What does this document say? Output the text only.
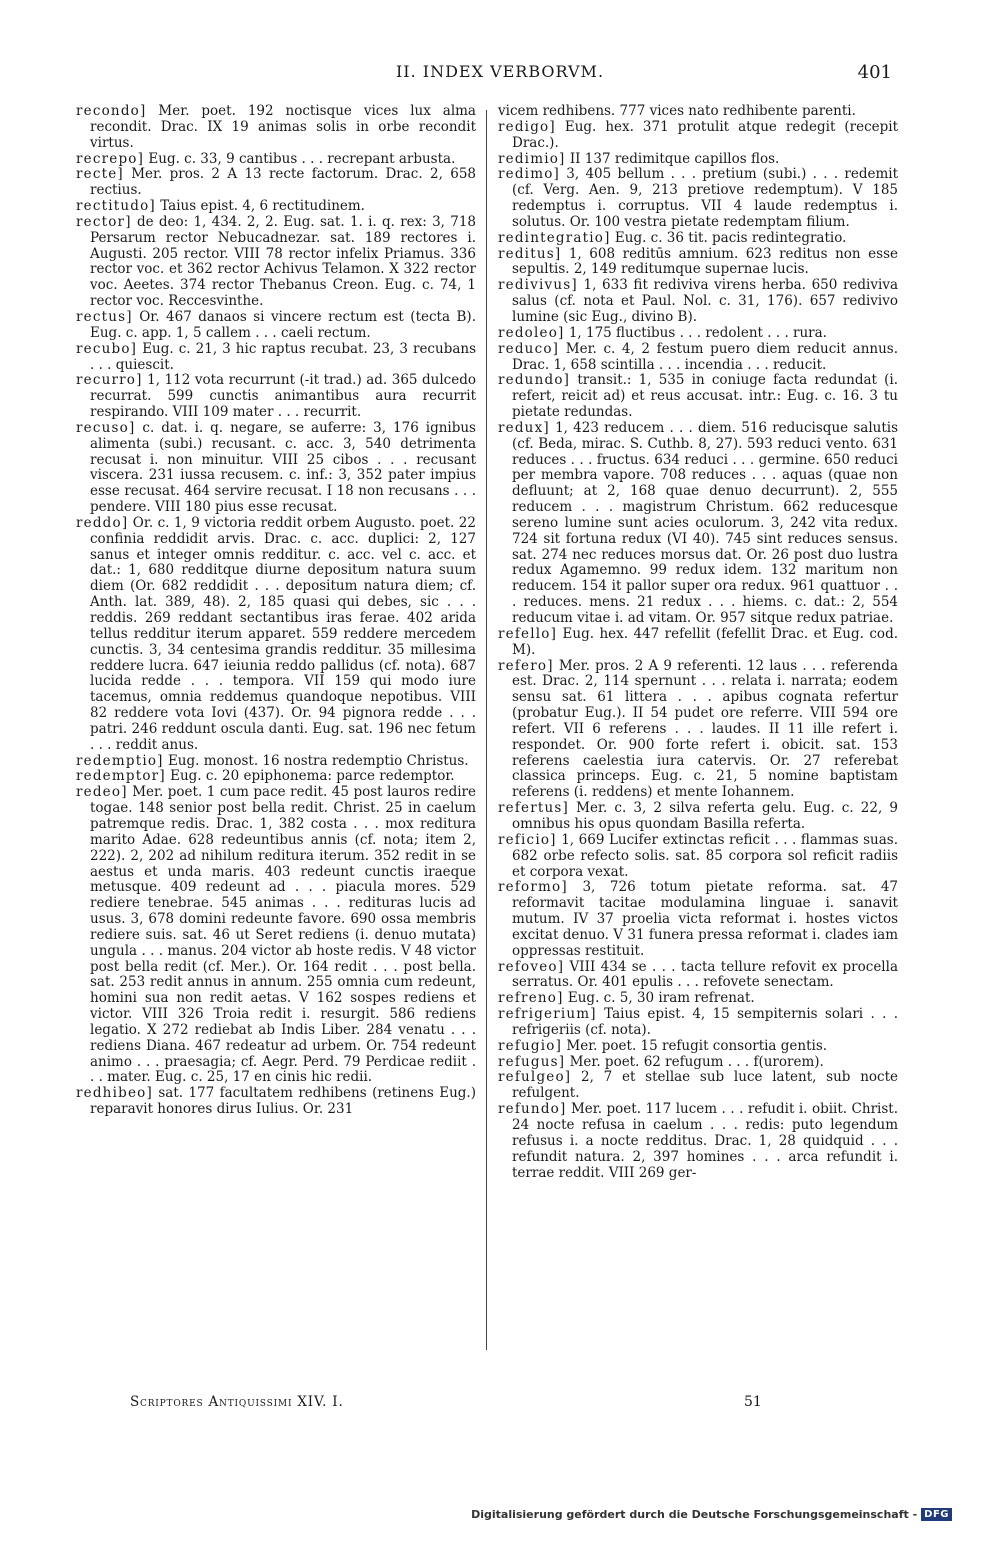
II. INDEX VERBORVM.	401

recondo] Mer. poet. 192 noctisque vices lux alma recondit. Drac. IX 19 animas solis in orbe recondit virtus.

recrepo] Eug. c. 33, 9 cantibus . . . recrepant arbusta.

recte] Mer. pros. 2 A 13 recte factorum. Drac. 2, 658 rectius.

rectitudo] Taius epist. 4, 6 rectitudinem.

rector] de deo: 1, 434. 2, 2. Eug. sat. 1. i. q. rex: 3, 718 Persarum rector Nebucadnezar. sat. 189 rectores i. Augusti. 205 rector. VIII 78 rector infelix Priamus. 336 rector voc. et 362 rector Achivus Telamon. X 322 rector voc. Aeetes. 374 rector Thebanus Creon. Eug. c. 74, 1 rector voc. Reccesvinthe.

rectus] Or. 467 danaos si vincere rectum est (tecta B). Eug. c. app. 1, 5 callem . . . caeli rectum.

recubo] Eug. c. 21, 3 hic raptus recubat. 23, 3 recubans . . . quiescit.

recurro] 1, 112 vota recurrunt (-it trad.) ad. 365 dulcedo recurrat. 599 cunctis animantibus aura recurrit respirando. VIII 109 mater . . . recurrit.

recuso] c. dat. i. q. negare, se auferre: 3, 176 ignibus alimenta (subi.) recusant. c. acc. 3, 540 detrimenta recusat i. non minuitur. VIII 25 cibos . . . recusant viscera. 231 iussa recusem. c. inf.: 3, 352 pater impius esse recusat. 464 servire recusat. I 18 non recusans . . . pendere. VIII 180 pius esse recusat.

reddo] Or. c. 1, 9 victoria reddit orbem Augusto. poet. 22 confinia reddidit arvis. Drac. c. acc. duplici: 2, 127 sanus et integer omnis redditur. c. acc. vel c. acc. et dat.: 1, 680 redditque diurne depositum natura suum diem (Or. 682 reddidit . . . depositum natura diem; cf. Anth. lat. 389, 48). 2, 185 quasi qui debes, sic . . . reddis. 269 reddant sectantibus iras ferae. 402 arida tellus redditur iterum apparet. 559 reddere mercedem cunctis. 3, 34 centesima grandis redditur. 35 millesima reddere lucra. 647 ieiunia reddo pallidus (cf. nota). 687 lucida redde . . . tempora. VII 159 qui modo iure tacemus, omnia reddemus quandoque nepotibus. VIII 82 reddere vota Iovi (437). Or. 94 pignora redde . . . patri. 246 reddunt oscula danti. Eug. sat. 196 nec fetum . . . reddit anus.

redemptio] Eug. monost. 16 nostra redemptio Christus.

redemptor] Eug. c. 20 epiphonema: parce redemptor.

redeo] Mer. poet. 1 cum pace redit. 45 post lauros redire togae. 148 senior post bella redit. Christ. 25 in caelum patremque redis. Drac. 1, 382 costa . . . mox reditura marito Adae. 628 redeuntibus annis (cf. nota; item 2, 222). 2, 202 ad nihilum reditura iterum. 352 redit in se aestus et unda maris. 403 redeunt cunctis iraeque metusque. 409 redeunt ad . . . piacula mores. 529 rediere tenebrae. 545 animas . . . redituras lucis ad usus. 3, 678 domini redeunte favore. 690 ossa membris rediere suis. sat. 46 ut Seret rediens (i. denuo mutata) ungula . . . manus. 204 victor ab hoste redis. V 48 victor post bella redit (cf. Mer.). Or. 164 redit . . . post bella. sat. 253 redit annus in annum. 255 omnia cum redeunt, homini sua non redit aetas. V 162 sospes rediens et victor. VIII 326 Troia redit i. resurgit. 586 rediens legatio. X 272 rediebat ab Indis Liber. 284 venatu . . . rediens Diana. 467 redeatur ad urbem. Or. 754 redeunt animo . . . praesagia; cf. Aegr. Perd. 79 Perdicae rediit . . . mater. Eug. c. 25, 17 en cinis hic redii.

redhibeo] sat. 177 facultatem redhibens (retinens Eug.) reparavit honores dirus Iulius. Or. 231

vicem redhibens. 777 vices nato redhibente parenti.

redigo] Eug. hex. 371 protulit atque redegit (recepit Drac.).

redimio] II 137 redimitque capillos flos.

redimo] 3, 405 bellum . . . pretium (subi.) . . . redemit (cf. Verg. Aen. 9, 213 pretiove redemptum). V 185 redemptus i. corruptus. VII 4 laude redemptus i. solutus. Or. 100 vestra pietate redemptam filium.

redintegratio] Eug. c. 36 tit. pacis redintegratio.

reditus] 1, 608 reditūs amnium. 623 reditus non esse sepultis. 2, 149 reditumque supernae lucis.

redivivus] 1, 633 fit rediviva virens herba. 650 rediviva salus (cf. nota et Paul. Nol. c. 31, 176). 657 redivivo lumine (sic Eug., divino B).

redoleo] 1, 175 fluctibus . . . redolent . . . rura.

reduco] Mer. c. 4, 2 festum puero diem reducit annus. Drac. 1, 658 scintilla . . . incendia . . . reducit.

redundo] transit.: 1, 535 in coniuge facta redundat (i. refert, reicit ad) et reus accusat. intr.: Eug. c. 16. 3 tu pietate redundas.

redux] 1, 423 reducem . . . diem. 516 reducisque salutis (cf. Beda, mirac. S. Cuthb. 8, 27). 593 reduci vento. 631 reduces . . . fructus. 634 reduci . . . germine. 650 reduci per membra vapore. 708 reduces . . . aquas (quae non defluunt; at 2, 168 quae denuo decurrunt). 2, 555 reducem . . . magistrum Christum. 662 reducesque sereno lumine sunt acies oculorum. 3, 242 vita redux. 724 sit fortuna redux (VI 40). 745 sint reduces sensus. sat. 274 nec reduces morsus dat. Or. 26 post duo lustra redux Agamemno. 99 redux idem. 132 maritum non reducem. 154 it pallor super ora redux. 961 quattuor . . . reduces. mens. 21 redux . . . hiems. c. dat.: 2, 554 reducum vitae i. ad vitam. Or. 957 sitque redux patriae.

refello] Eug. hex. 447 refellit (fefellit Drac. et Eug. cod. M).

refero] Mer. pros. 2 A 9 referenti. 12 laus . . . referenda est. Drac. 2, 114 spernunt . . . relata i. narrata; eodem sensu sat. 61 littera . . . apibus cognata refertur (probatur Eug.). II 54 pudet ore referre. VIII 594 ore refert. VII 6 referens . . . laudes. II 11 ille refert i. respondet. Or. 900 forte refert i. obicit. sat. 153 referens caelestia iura catervis. Or. 27 referebat classica princeps. Eug. c. 21, 5 nomine baptistam referens (i. reddens) et mente Iohannem.

refertus] Mer. c. 3, 2 silva referta gelu. Eug. c. 22, 9 omnibus his opus quondam Basilla referta.

reficio] 1, 669 Lucifer extinctas reficit . . . flammas suas. 682 orbe refecto solis. sat. 85 corpora sol reficit radiis et corpora vexat.

reformo] 3, 726 totum pietate reforma. sat. 47 reformavit tacitae modulamina linguae i. sanavit mutum. IV 37 proelia victa reformat i. hostes victos excitat denuo. V 31 funera pressa reformat i. clades iam oppressas restituit.

refoveo] VIII 434 se . . . tacta tellure refovit ex procella serratus. Or. 401 epulis . . . refovete senectam.

refreno] Eug. c. 5, 30 iram refrenat.

refrigerium] Taius epist. 4, 15 sempiternis solari . . . refrigeriis (cf. nota).

refugio] Mer. poet. 15 refugit consortia gentis.

refugus] Mer. poet. 62 refugum . . . f(urorem).

refulgeo] 2, 7 et stellae sub luce latent, sub nocte refulgent.

refundo] Mer. poet. 117 lucem . . . refudit i. obiit. Christ. 24 nocte refusa in caelum . . . redis: puto legendum refusus i. a nocte redditus. Drac. 1, 28 quidquid . . . refundit natura. 2, 397 homines . . . arca refundit i. terrae reddit. VIII 269 ger-

Scriptores Antiquissimi XIV. I.	51
Digitalisierung gefördert durch die Deutsche Forschungsgemeinschaft - DFG
